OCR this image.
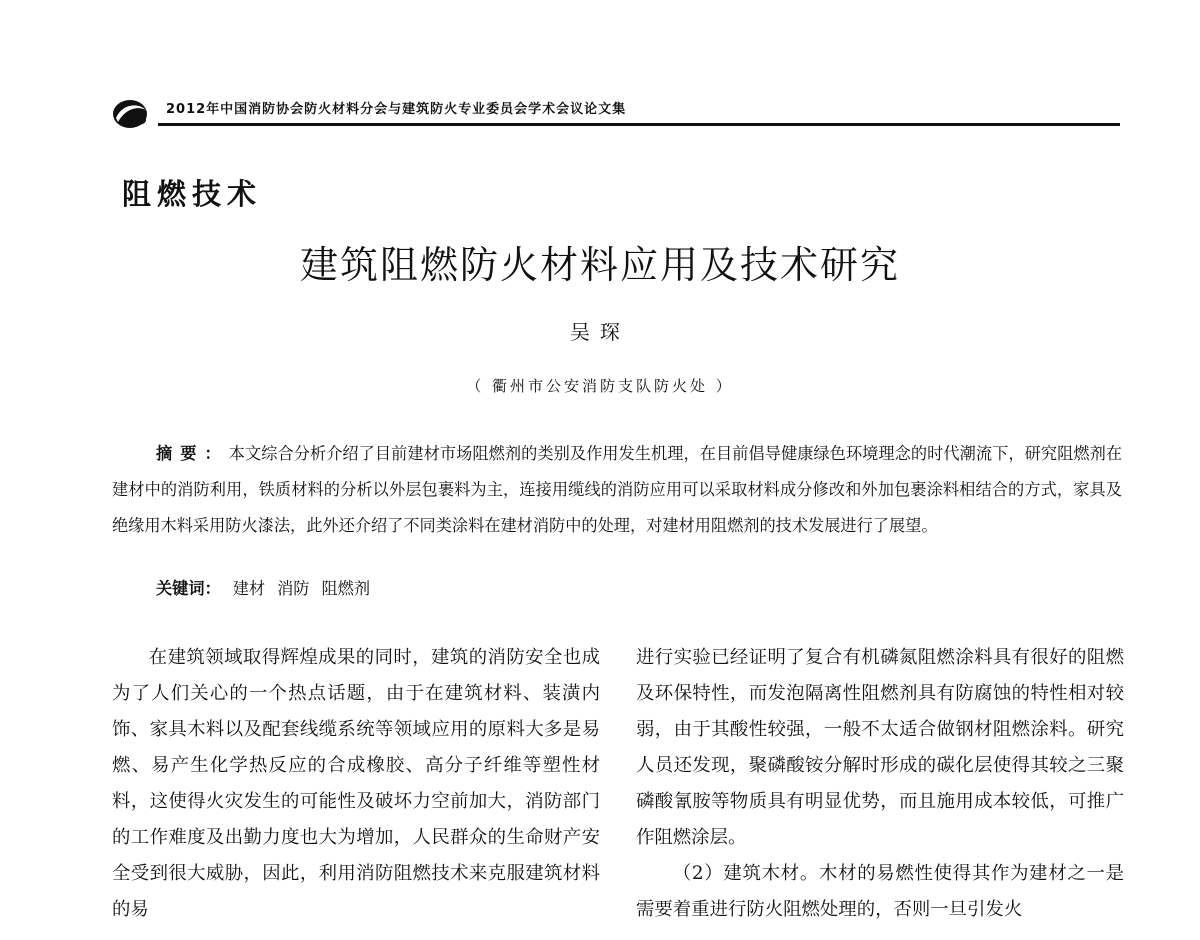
2012年中国消防协会防火材料分会与建筑防火专业委员会学术会议论文集
阻燃技术
建筑阻燃防火材料应用及技术研究
吴琛
（ 衢州市公安消防支队防火处 ）
摘要：本文综合分析介绍了目前建材市场阻燃剂的类别及作用发生机理，在目前倡导健康绿色环境理念的时代潮流下，研究阻燃剂在建材中的消防利用，铁质材料的分析以外层包裹料为主，连接用缆线的消防应用可以采取材料成分修改和外加包裹涂料相结合的方式，家具及绝缘用木料采用防火漆法，此外还介绍了不同类涂料在建材消防中的处理，对建材用阻燃剂的技术发展进行了展望。
关键词： 建材 消防 阻燃剂

在建筑领域取得辉煌成果的同时，建筑的消防安全也成为了人们关心的一个热点话题，由于在建筑材料、装潢内饰、家具木料以及配套线缆系统等领域应用的原料大多是易燃、易产生化学热反应的合成橡胶、高分子纤维等塑性材料，这使得火灾发生的可能性及破坏力空前加大，消防部门的工作难度及出勤力度也大为增加，人民群众的生命财产安全受到很大威胁，因此，利用消防阻燃技术来克服建筑材料的易

进行实验已经证明了复合有机磷氮阻燃涂料具有很好的阻燃及环保特性，而发泡隔离性阻燃剂具有防腐蚀的特性相对较弱，由于其酸性较强，一般不太适合做钢材阻燃涂料。研究人员还发现，聚磷酸铵分解时形成的碳化层使得其较之三聚磷酸氰胺等物质具有明显优势，而且施用成本较低，可推广作阻燃涂层。

（2）建筑木材。木材的易燃性使得其作为建材之一是需要着重进行防火阻燃处理的，否则一旦引发火
